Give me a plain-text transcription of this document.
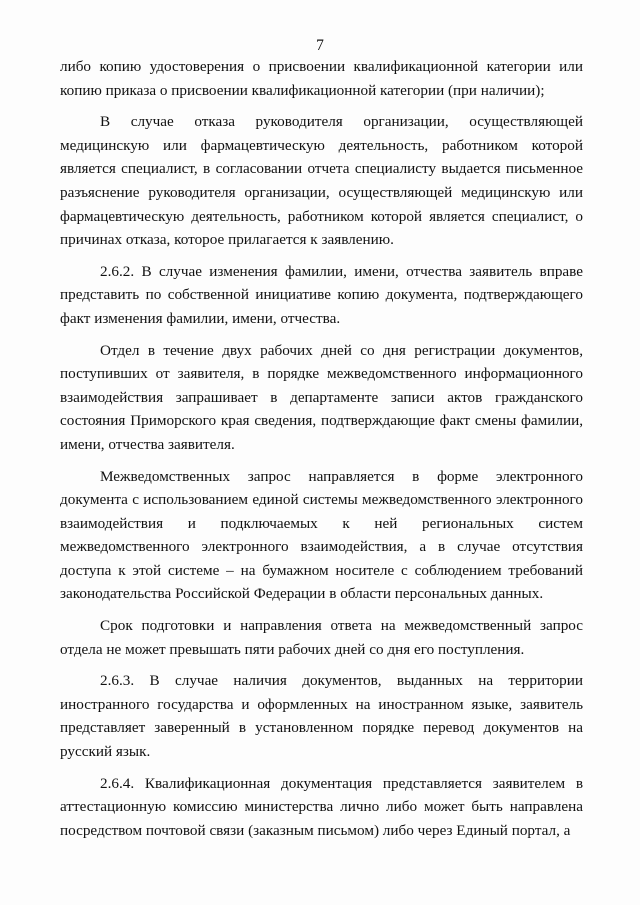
7

либо копию удостоверения о присвоении квалификационной категории или копию приказа о присвоении квалификационной категории (при наличии);

В случае отказа руководителя организации, осуществляющей медицинскую или фармацевтическую деятельность, работником которой является специалист, в согласовании отчета специалисту выдается письменное разъяснение руководителя организации, осуществляющей медицинскую или фармацевтическую деятельность, работником которой является специалист, о причинах отказа, которое прилагается к заявлению.

2.6.2. В случае изменения фамилии, имени, отчества заявитель вправе представить по собственной инициативе копию документа, подтверждающего факт изменения фамилии, имени, отчества.

Отдел в течение двух рабочих дней со дня регистрации документов, поступивших от заявителя, в порядке межведомственного информационного взаимодействия запрашивает в департаменте записи актов гражданского состояния Приморского края сведения, подтверждающие факт смены фамилии, имени, отчества заявителя.

Межведомственных запрос направляется в форме электронного документа с использованием единой системы межведомственного электронного взаимодействия и подключаемых к ней региональных систем межведомственного электронного взаимодействия, а в случае отсутствия доступа к этой системе – на бумажном носителе с соблюдением требований законодательства Российской Федерации в области персональных данных.

Срок подготовки и направления ответа на межведомственный запрос отдела не может превышать пяти рабочих дней со дня его поступления.

2.6.3. В случае наличия документов, выданных на территории иностранного государства и оформленных на иностранном языке, заявитель представляет заверенный в установленном порядке перевод документов на русский язык.

2.6.4. Квалификационная документация представляется заявителем в аттестационную комиссию министерства лично либо может быть направлена посредством почтовой связи (заказным письмом) либо через Единый портал, а
